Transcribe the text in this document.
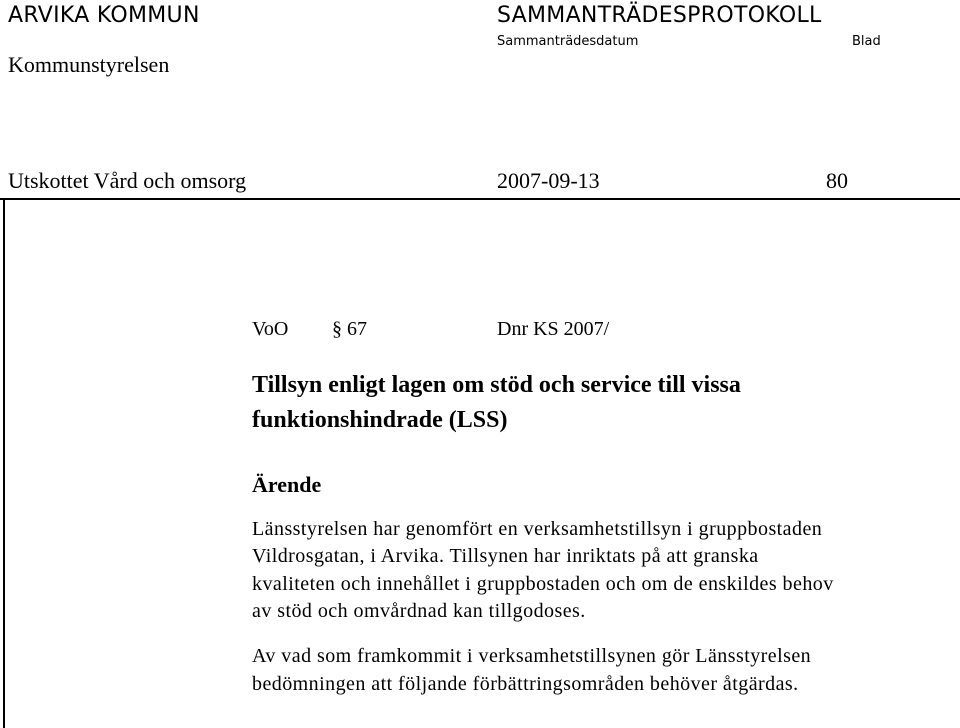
ARVIKA KOMMUN	SAMMANTRÄDESPROTOKOLL
Sammanträdesdatum	Blad
Kommunstyrelsen
Utskottet Vård och omsorg	2007-09-13	80
VoO § 67	Dnr KS 2007/
Tillsyn enligt lagen om stöd och service till vissa
funktionshindrade (LSS)
Ärende
Länsstyrelsen har genomfört en verksamhetstillsyn i gruppbostaden
Vildrosgatan, i Arvika. Tillsynen har inriktats på att granska
kvaliteten och innehållet i gruppbostaden och om de enskildes behov
av stöd och omvårdnad kan tillgodoses.
Av vad som framkommit i verksamhetstillsynen gör Länsstyrelsen
bedömningen att följande förbättringsområden behöver åtgärdas.
